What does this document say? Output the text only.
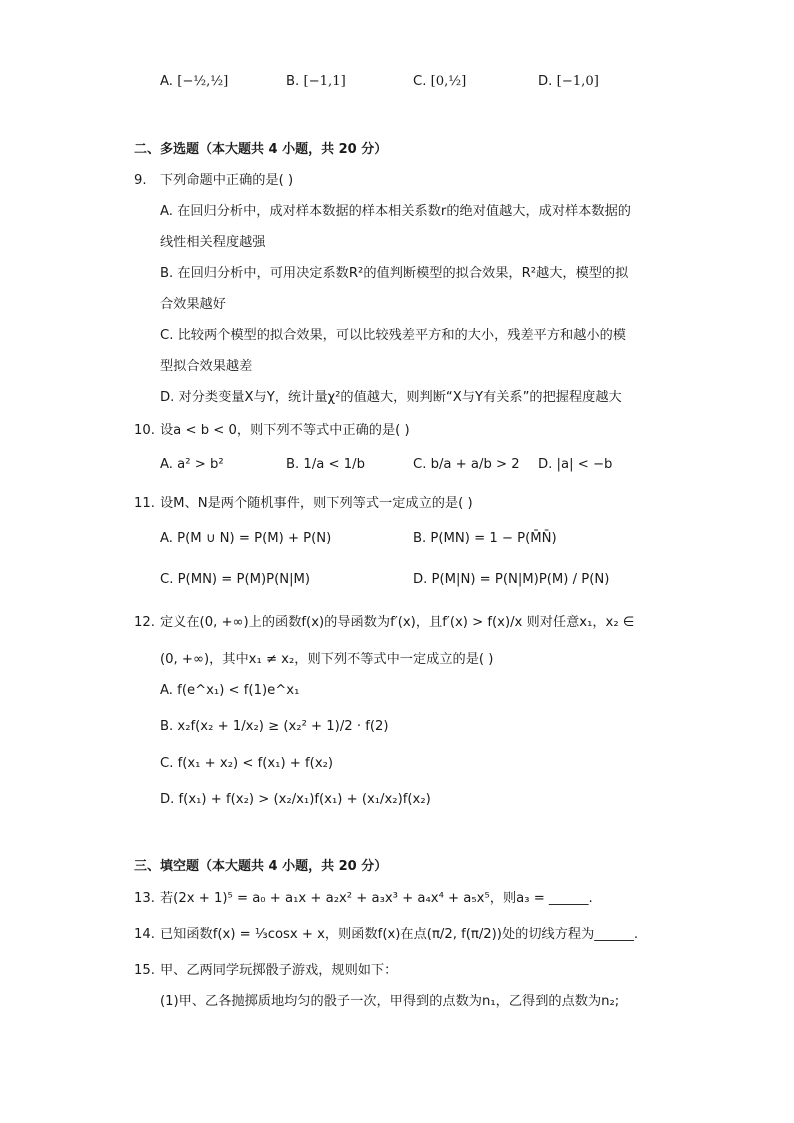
A. [−½,½]	B. [−1,1]	C. [0,½]	D. [−1,0]
二、多选题（本大题共 4 小题，共 20 分）
9. 下列命题中正确的是( )
A. 在回归分析中，成对样本数据的样本相关系数r的绝对值越大，成对样本数据的
线性相关程度越强
B. 在回归分析中，可用决定系数R²的值判断模型的拟合效果，R²越大，模型的拟
合效果越好
C. 比较两个模型的拟合效果，可以比较残差平方和的大小，残差平方和越小的模
型拟合效果越差
D. 对分类变量X与Y，统计量χ²的值越大，则判断“X与Y有关系”的把握程度越大
10. 设a < b < 0，则下列不等式中正确的是( )
A. a² > b²	B. 1/a < 1/b	C. b/a + a/b > 2 D. |a| < −b
11. 设M、N是两个随机事件，则下列等式一定成立的是( )
A. P(M ∪ N) = P(M) + P(N)	B. P(MN) = 1 − P(M̄N̄)
C. P(MN) = P(M)P(N|M)	D. P(M|N) = P(N|M)P(M) / P(N)
12. 定义在(0, +∞)上的函数f(x)的导函数为f′(x)，且f′(x) > f(x)/x 则对任意x₁，x₂ ∈
(0, +∞)，其中x₁ ≠ x₂，则下列不等式中一定成立的是( )
A. f(e^x₁) < f(1)e^x₁
B. x₂f(x₂ + 1/x₂) ≥ (x₂² + 1)/2 · f(2)
C. f(x₁ + x₂) < f(x₁) + f(x₂)
D. f(x₁) + f(x₂) > (x₂/x₁)f(x₁) + (x₁/x₂)f(x₂)
三、填空题（本大题共 4 小题，共 20 分）
13. 若(2x + 1)⁵ = a₀ + a₁x + a₂x² + a₃x³ + a₄x⁴ + a₅x⁵，则a₃ = ______.
14. 已知函数f(x) = ⅓cosx + x，则函数f(x)在点(π/2, f(π/2))处的切线方程为______.
15. 甲、乙两同学玩掷骰子游戏，规则如下：
(1)甲、乙各抛掷质地均匀的骰子一次，甲得到的点数为n₁，乙得到的点数为n₂;
